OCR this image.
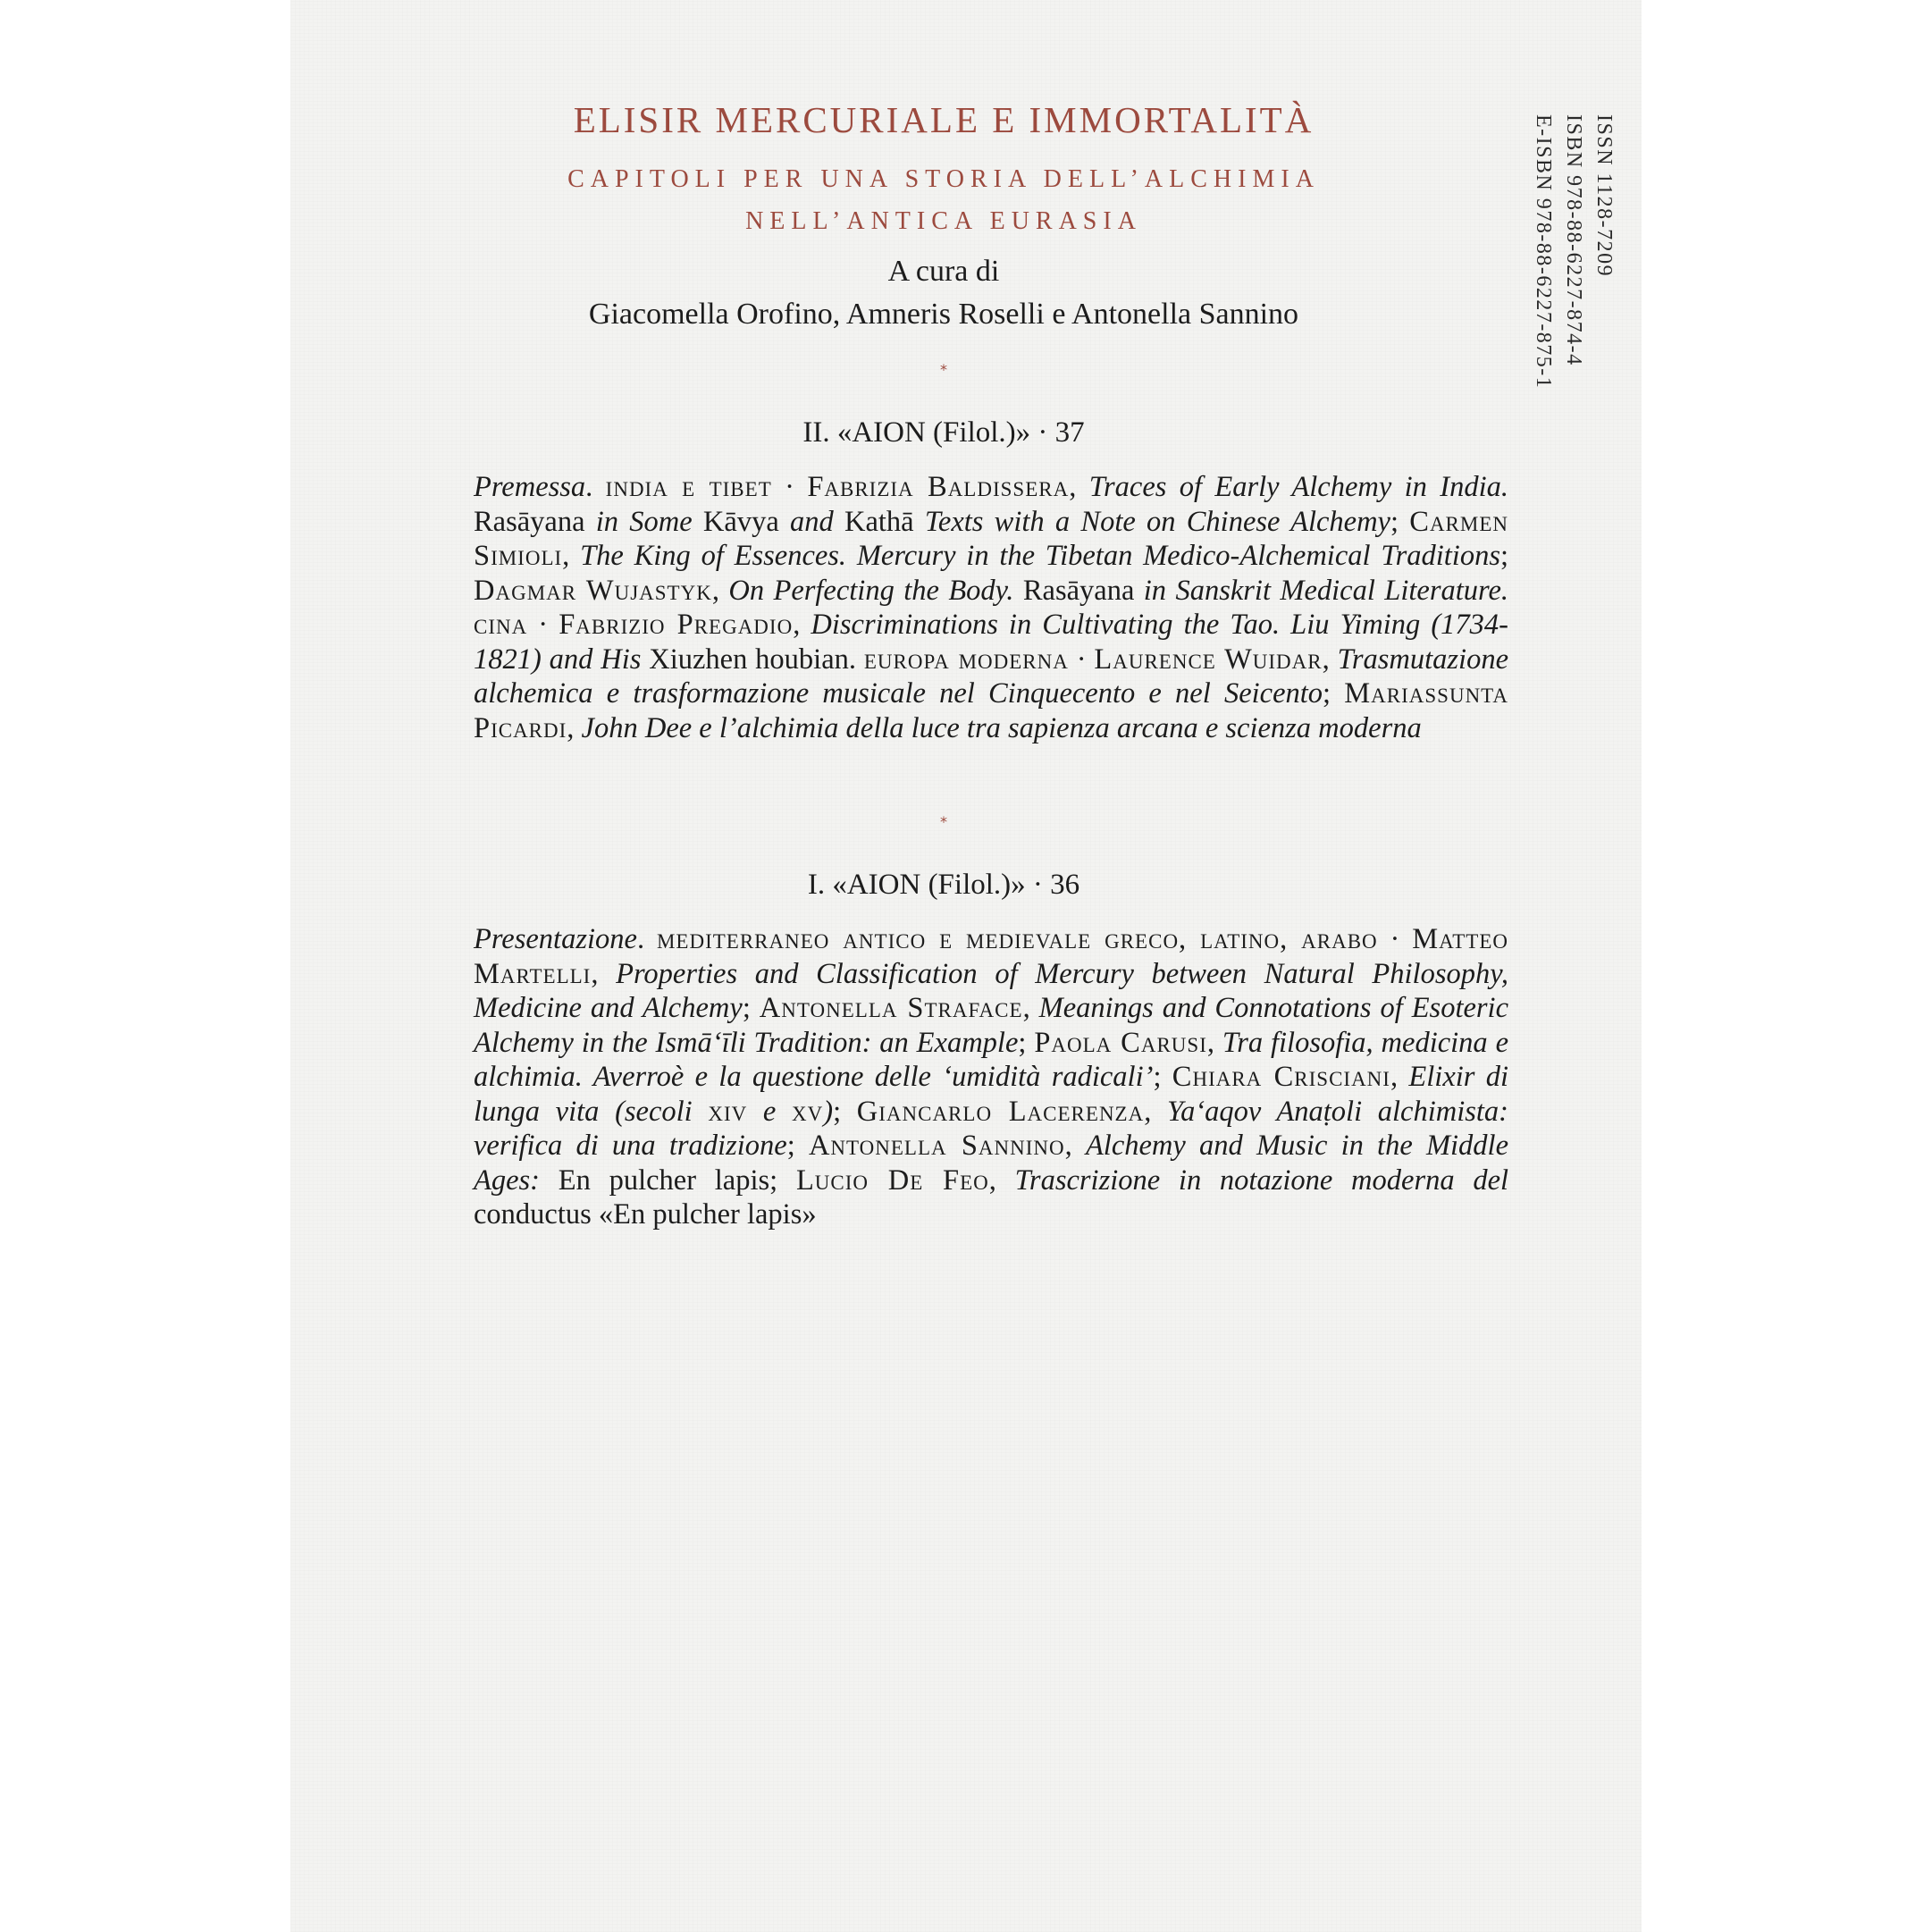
ELISIR MERCURIALE E IMMORTALITÀ
CAPITOLI PER UNA STORIA DELL’ALCHIMIA
NELL’ANTICA EURASIA
A cura di
Giacomella Orofino, Amneris Roselli e Antonella Sannino
*
II. «AION (Filol.)» · 37

Premessa. india e tibet · Fabrizia Baldissera, Traces of Early Alchemy in India. Rasāyana in Some Kāvya and Kathā Texts with a Note on Chinese Alchemy; Carmen Simioli, The King of Essences. Mercury in the Tibetan Medico-Alchemical Traditions; Dagmar Wujastyk, On Perfecting the Body. Rasāyana in Sanskrit Medical Literature. cina · Fabrizio Pregadio, Discriminations in Cultivating the Tao. Liu Yiming (1734-1821) and His Xiuzhen houbian. europa moderna · Laurence Wuidar, Trasmutazione alchemica e trasformazione musicale nel Cinquecento e nel Seicento; Mariassunta Picardi, John Dee e l’alchimia della luce tra sapienza arcana e scienza moderna

*
I. «AION (Filol.)» · 36

Presentazione. mediterraneo antico e medievale greco, latino, arabo · Matteo Martelli, Properties and Classification of Mercury between Natural Philosophy, Medicine and Alchemy; Antonella Straface, Meanings and Connotations of Esoteric Alchemy in the Ismā‘īli Tradition: an Example; Paola Carusi, Tra filosofia, medicina e alchimia. Averroè e la questione delle ‘umidità radicali’; Chiara Crisciani, Elixir di lunga vita (secoli xiv e xv); Giancarlo Lacerenza, Ya‘aqov Anaṭoli alchimista: verifica di una tradizione; Antonella Sannino, Alchemy and Music in the Middle Ages: En pulcher lapis; Lucio De Feo, Trascrizione in notazione moderna del conductus «En pulcher lapis»

ISSN 1128-7209
ISBN 978-88-6227-874-4
E-ISBN 978-88-6227-875-1
